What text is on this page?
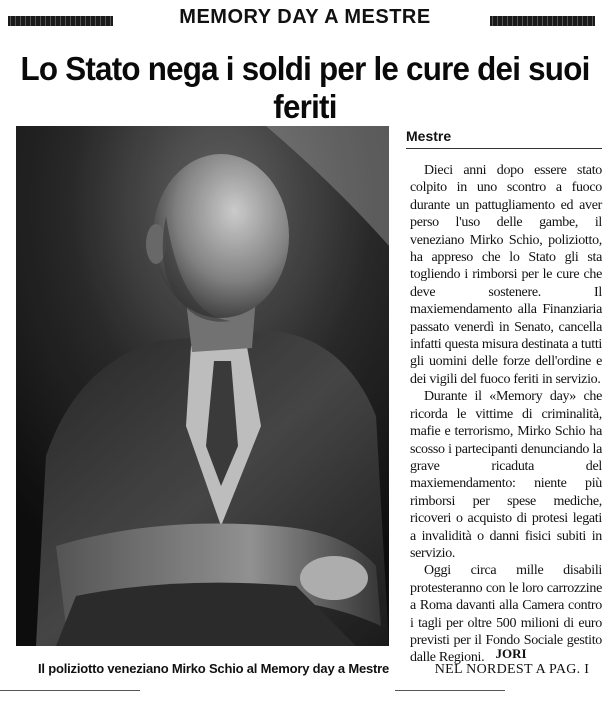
MEMORY DAY A MESTRE
Lo Stato nega i soldi per le cure dei suoi feriti
Il poliziotto veneziano Mirko Schio al Memory day a Mestre
Mestre

Dieci anni dopo essere stato colpito in uno scontro a fuoco durante un pattugliamento ed aver perso l'uso delle gambe, il veneziano Mirko Schio, poliziotto, ha appreso che lo Stato gli sta togliendo i rimborsi per le cure che deve sostenere. Il maxiemendamento alla Finanziaria passato venerdì in Senato, cancella infatti questa misura destinata a tutti gli uomini delle forze dell'ordine e dei vigili del fuoco feriti in servizio.

Durante il «Memory day» che ricorda le vittime di criminalità, mafie e terrorismo, Mirko Schio ha scosso i partecipanti denunciando la grave ricaduta del maxiemendamento: niente più rimborsi per spese mediche, ricoveri o acquisto di protesi legati a invalidità o danni fisici subiti in servizio.

Oggi circa mille disabili protesteranno con le loro carrozzine a Roma davanti alla Camera contro i tagli per oltre 500 milioni di euro previsti per il Fondo Sociale gestito dalle Regioni. JORI
NEL NORDEST A PAG. I
